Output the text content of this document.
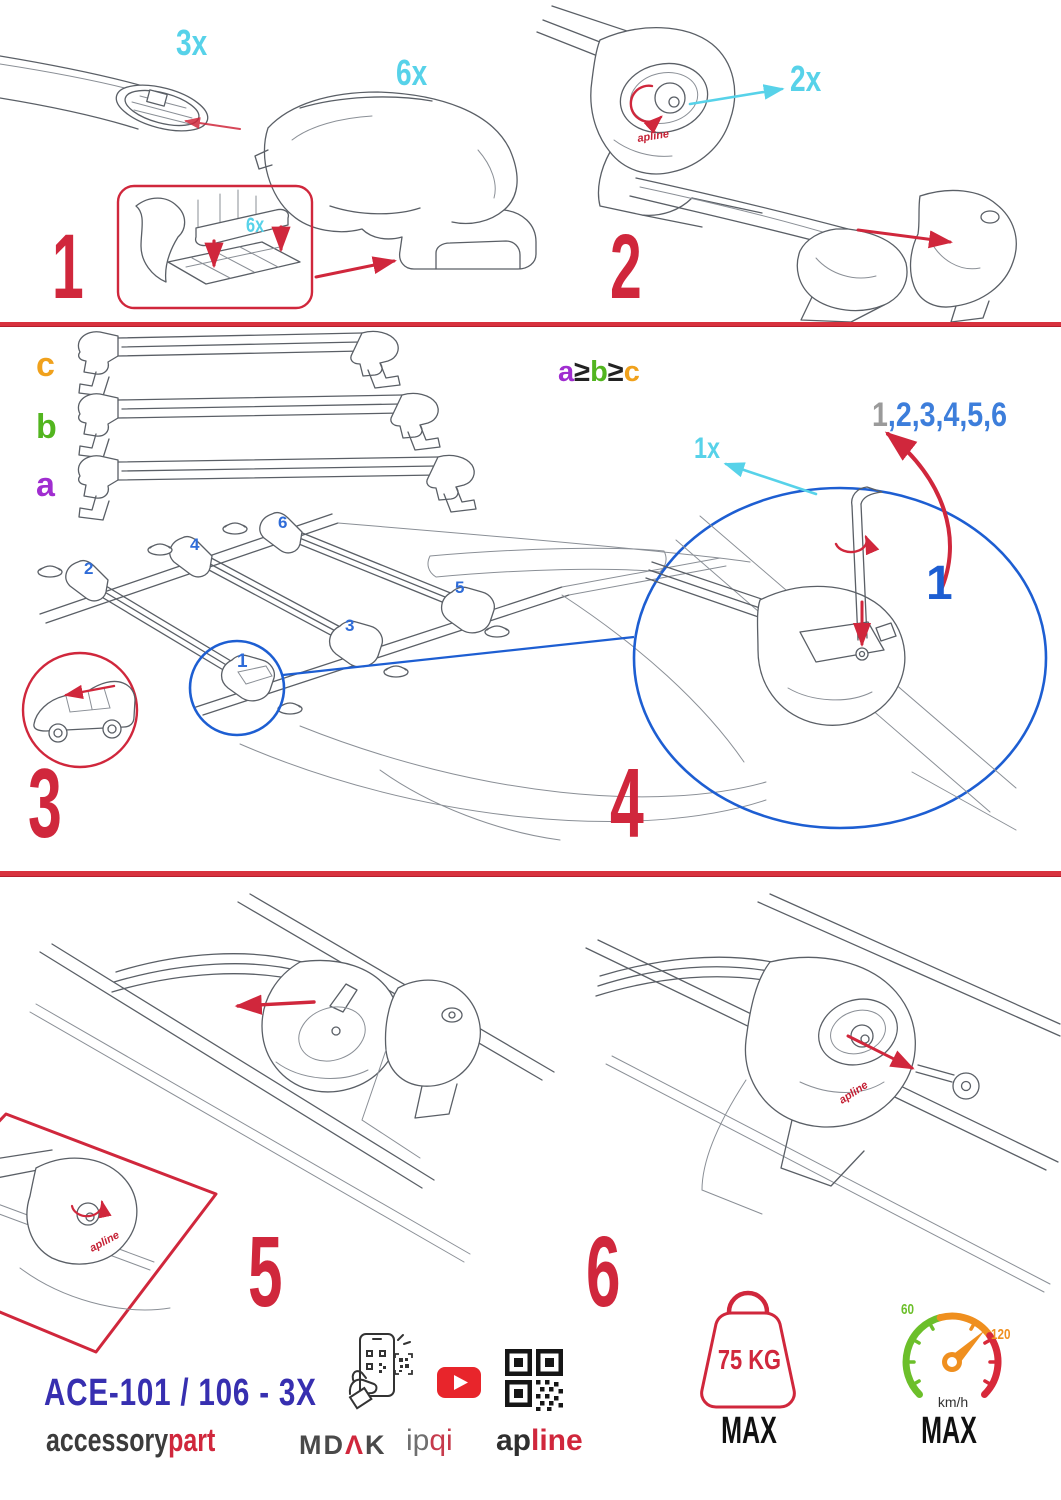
apline
3x
6x
6x
2x
1	2
c
b
a
a≥b≥c
2
4
6
1
3
5
3
1,2,3,4,5,6
1x
1
4
apline 5
apline
6
ACE-101 / 106 - 3X
accessorypart	MDΛK ipqi apline
75 KG
MAX
60
120
km/h
MAX
